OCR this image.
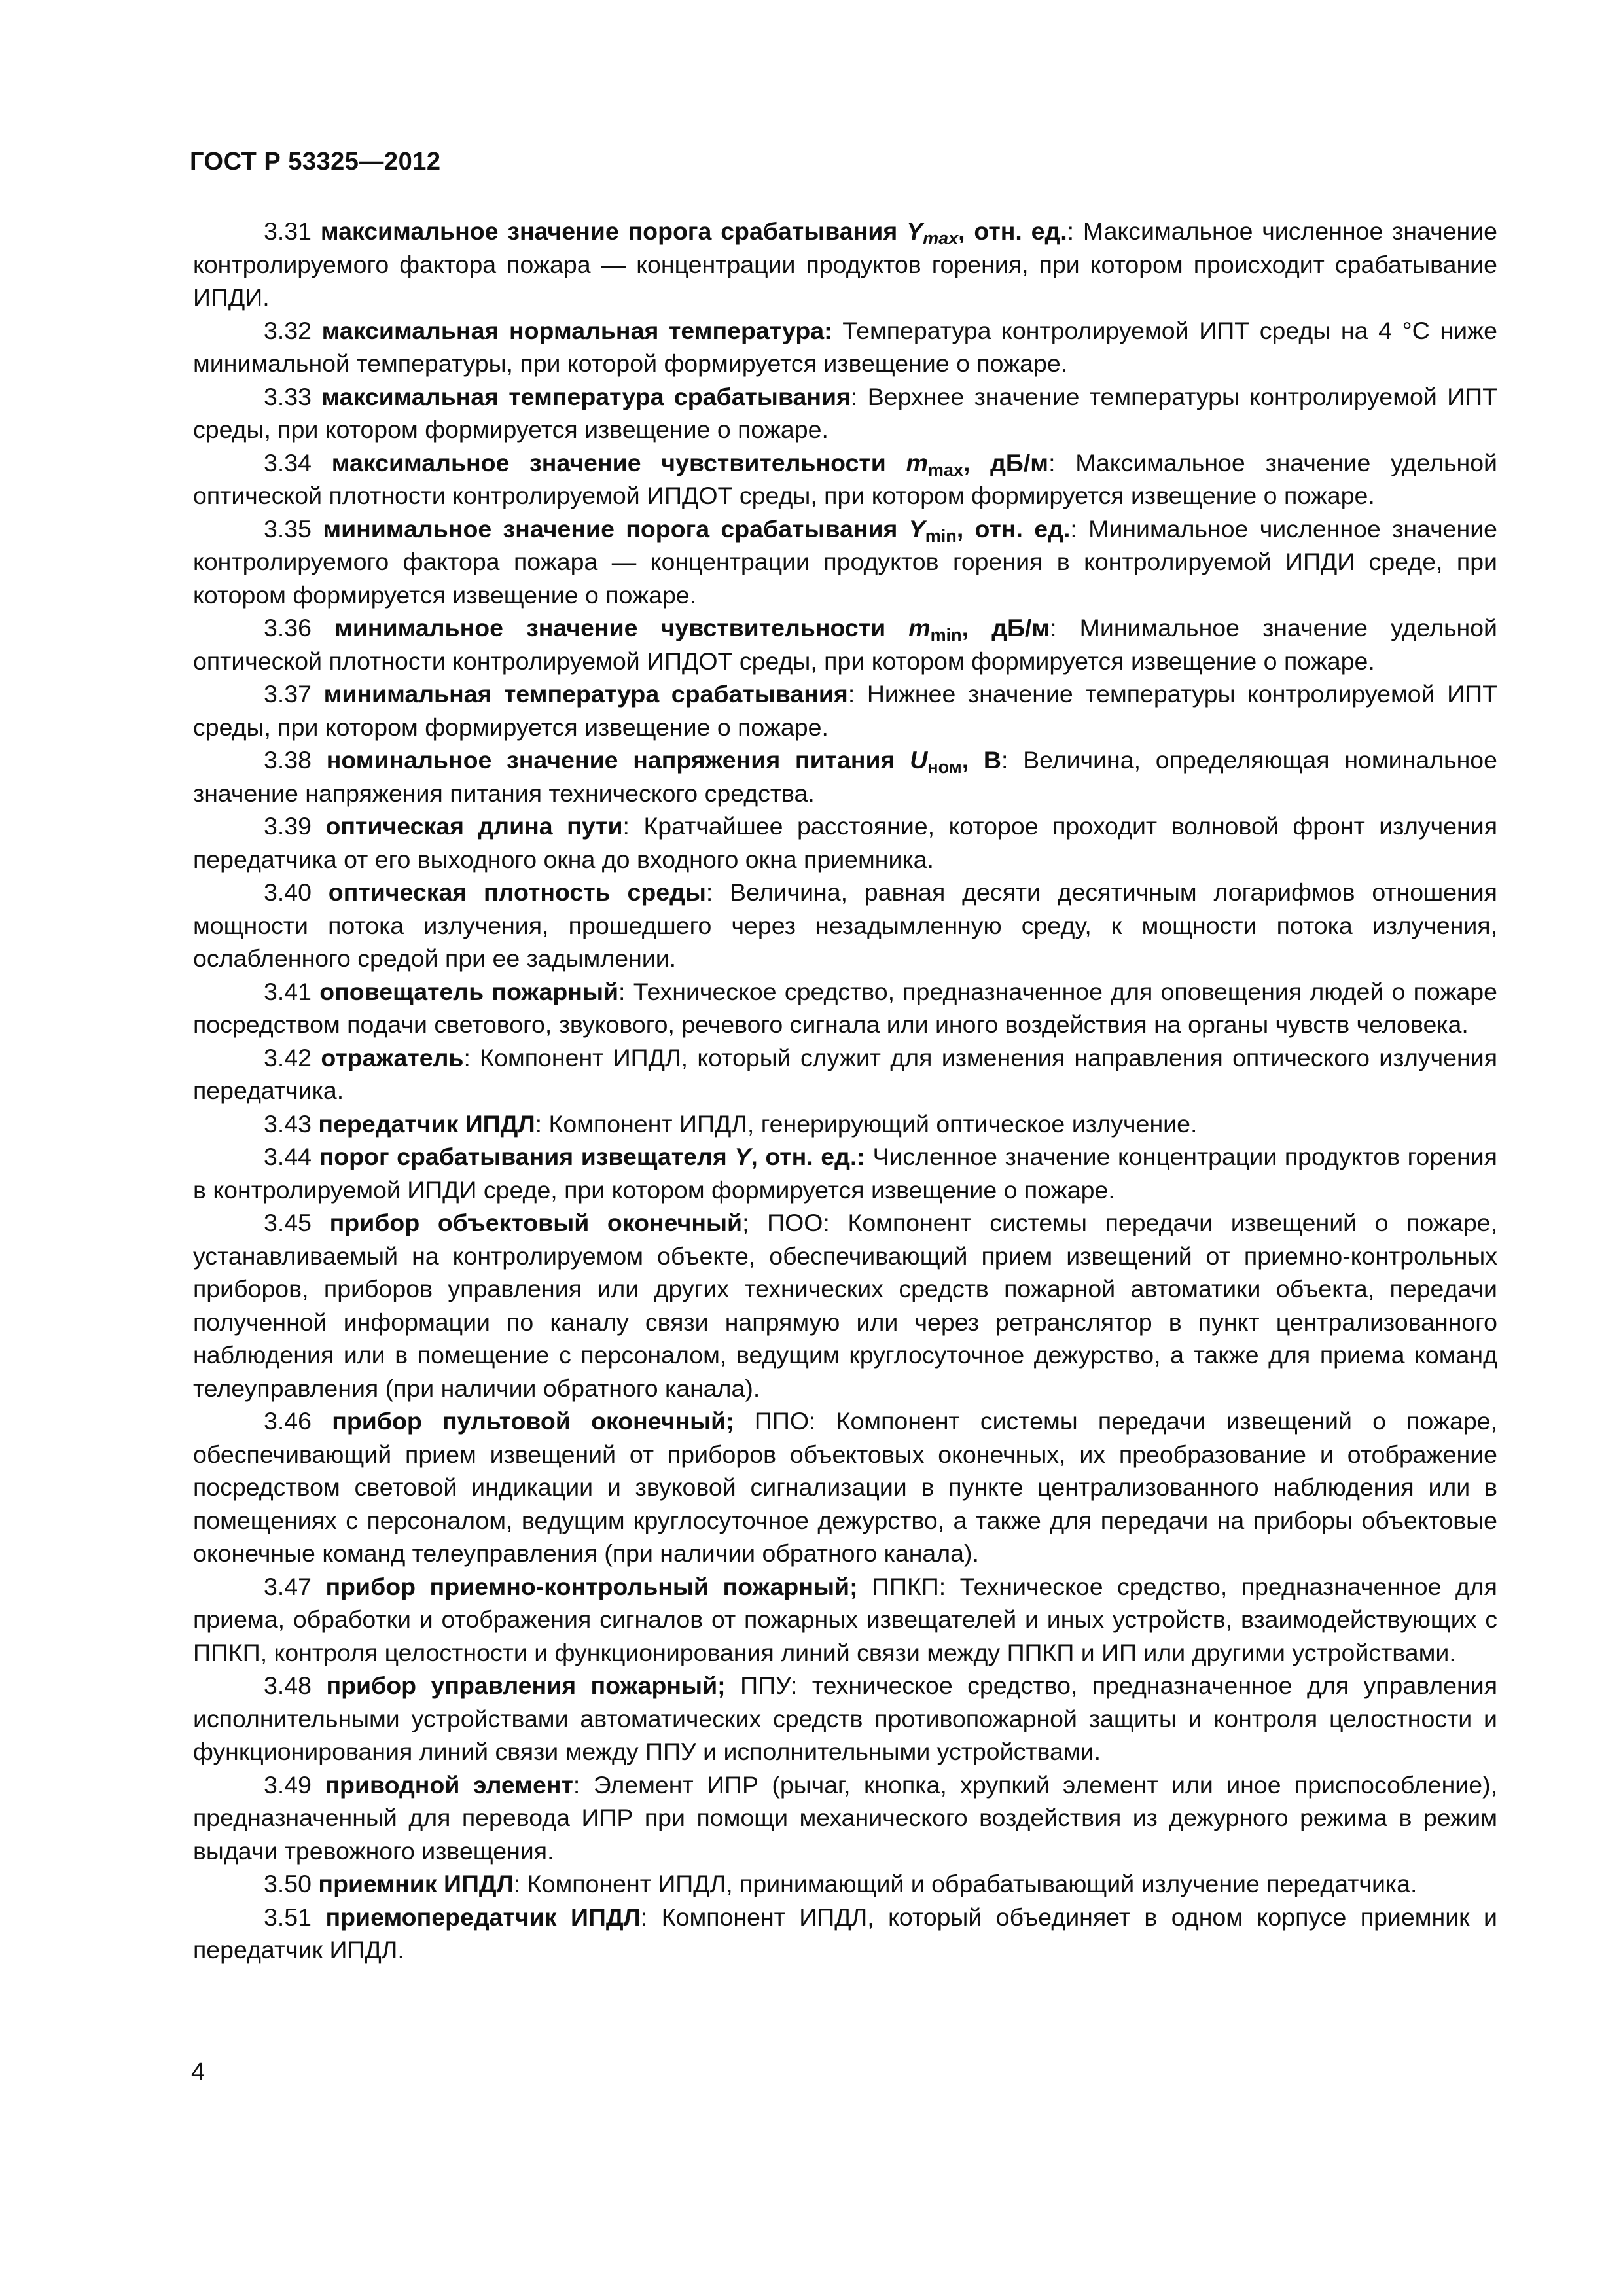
ГОСТ Р 53325—2012

3.31 максимальное значение порога срабатывания $Y_{max}$, отн. ед.: Максимальное численное значение контролируемого фактора пожара — концентрации продуктов горения, при котором происходит срабатывание ИПДИ.

3.32 максимальная нормальная температура: Температура контролируемой ИПТ среды на 4 °С ниже минимальной температуры, при которой формируется извещение о пожаре.

3.33 максимальная температура срабатывания: Верхнее значение температуры контролируемой ИПТ среды, при котором формируется извещение о пожаре.

3.34 максимальное значение чувствительности $m_{max}$, дБ/м: Максимальное значение удельной оптической плотности контролируемой ИПДОТ среды, при котором формируется извещение о пожаре.

3.35 минимальное значение порога срабатывания $Y_{min}$, отн. ед.: Минимальное численное значение контролируемого фактора пожара — концентрации продуктов горения в контролируемой ИПДИ среде, при котором формируется извещение о пожаре.

3.36 минимальное значение чувствительности $m_{min}$, дБ/м: Минимальное значение удельной оптической плотности контролируемой ИПДОТ среды, при котором формируется извещение о пожаре.

3.37 минимальная температура срабатывания: Нижнее значение температуры контролируемой ИПТ среды, при котором формируется извещение о пожаре.

3.38 номинальное значение напряжения питания $U_{ном}$, В: Величина, определяющая номинальное значение напряжения питания технического средства.

3.39 оптическая длина пути: Кратчайшее расстояние, которое проходит волновой фронт излучения передатчика от его выходного окна до входного окна приемника.

3.40 оптическая плотность среды: Величина, равная десяти десятичным логарифмов отношения мощности потока излучения, прошедшего через незадымленную среду, к мощности потока излучения, ослабленного средой при ее задымлении.

3.41 оповещатель пожарный: Техническое средство, предназначенное для оповещения людей о пожаре посредством подачи светового, звукового, речевого сигнала или иного воздействия на органы чувств человека.

3.42 отражатель: Компонент ИПДЛ, который служит для изменения направления оптического излучения передатчика.

3.43 передатчик ИПДЛ: Компонент ИПДЛ, генерирующий оптическое излучение.

3.44 порог срабатывания извещателя Y, отн. ед.: Численное значение концентрации продуктов горения в контролируемой ИПДИ среде, при котором формируется извещение о пожаре.

3.45 прибор объектовый оконечный; ПОО: Компонент системы передачи извещений о пожаре, устанавливаемый на контролируемом объекте, обеспечивающий прием извещений от приемно-контрольных приборов, приборов управления или других технических средств пожарной автоматики объекта, передачи полученной информации по каналу связи напрямую или через ретранслятор в пункт централизованного наблюдения или в помещение с персоналом, ведущим круглосуточное дежурство, а также для приема команд телеуправления (при наличии обратного канала).

3.46 прибор пультовой оконечный; ППО: Компонент системы передачи извещений о пожаре, обеспечивающий прием извещений от приборов объектовых оконечных, их преобразование и отображение посредством световой индикации и звуковой сигнализации в пункте централизованного наблюдения или в помещениях с персоналом, ведущим круглосуточное дежурство, а также для передачи на приборы объектовые оконечные команд телеуправления (при наличии обратного канала).

3.47 прибор приемно-контрольный пожарный; ППКП: Техническое средство, предназначенное для приема, обработки и отображения сигналов от пожарных извещателей и иных устройств, взаимодействующих с ППКП, контроля целостности и функционирования линий связи между ППКП и ИП или другими устройствами.

3.48 прибор управления пожарный; ППУ: техническое средство, предназначенное для управления исполнительными устройствами автоматических средств противопожарной защиты и контроля целостности и функционирования линий связи между ППУ и исполнительными устройствами.

3.49 приводной элемент: Элемент ИПР (рычаг, кнопка, хрупкий элемент или иное приспособление), предназначенный для перевода ИПР при помощи механического воздействия из дежурного режима в режим выдачи тревожного извещения.

3.50 приемник ИПДЛ: Компонент ИПДЛ, принимающий и обрабатывающий излучение передатчика.

3.51 приемопередатчик ИПДЛ: Компонент ИПДЛ, который объединяет в одном корпусе приемник и передатчик ИПДЛ.

4
